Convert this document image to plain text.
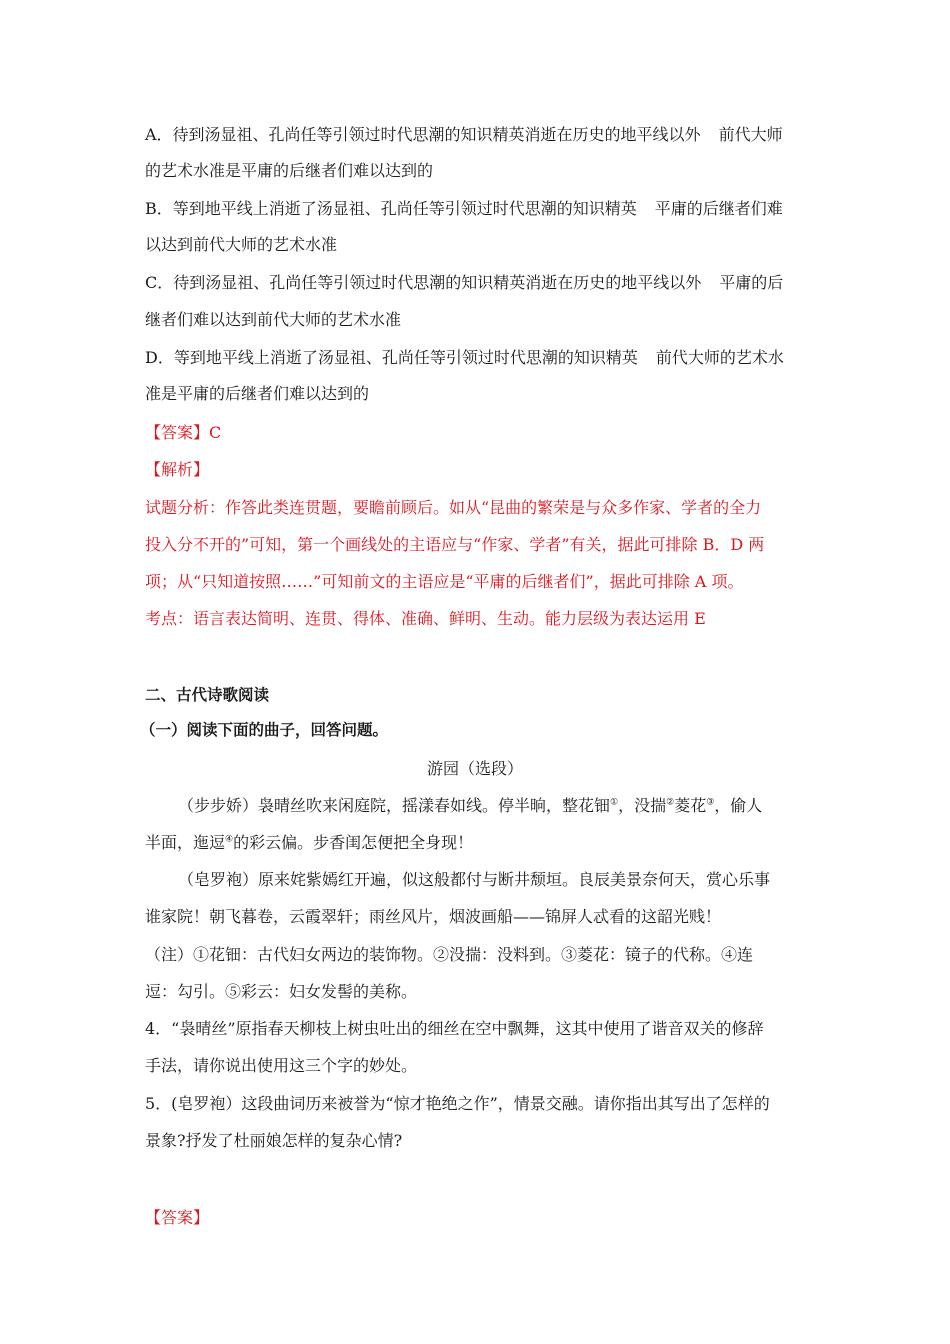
A．待到汤显祖、孔尚任等引领过时代思潮的知识精英消逝在历史的地平线以外 前代大师
的艺术水准是平庸的后继者们难以达到的
B．等到地平线上消逝了汤显祖、孔尚任等引领过时代思潮的知识精英 平庸的后继者们难
以达到前代大师的艺术水准
C．待到汤显祖、孔尚任等引领过时代思潮的知识精英消逝在历史的地平线以外 平庸的后
继者们难以达到前代大师的艺术水准
D．等到地平线上消逝了汤显祖、孔尚任等引领过时代思潮的知识精英 前代大师的艺术水
准是平庸的后继者们难以达到的
【答案】C
【解析】
试题分析：作答此类连贯题，要瞻前顾后。如从“昆曲的繁荣是与众多作家、学者的全力
投入分不开的”可知，第一个画线处的主语应与“作家、学者”有关，据此可排除 B．D 两
项；从“只知道按照……”可知前文的主语应是“平庸的后继者们”，据此可排除 A 项。
考点：语言表达简明、连贯、得体、准确、鲜明、生动。能力层级为表达运用 E
二、古代诗歌阅读
（一）阅读下面的曲子，回答问题。
游园（选段）
（步步娇）袅晴丝吹来闲庭院，摇漾春如线。停半晌，整花钿①，没揣②菱花③，偷人
半面，迤逗④的彩云偏。步香闺怎便把全身现！
（皂罗袍）原来姹紫嫣红开遍，似这般都付与断井颓垣。良辰美景奈何天，赏心乐事
谁家院！朝飞暮卷，云霞翠轩；雨丝风片，烟波画船——锦屏人忒看的这韶光贱！
（注）①花钿：古代妇女两边的装饰物。②没揣：没料到。③菱花：镜子的代称。④连
逗：勾引。⑤彩云：妇女发髻的美称。
4．“袅晴丝”原指春天柳枝上树虫吐出的细丝在空中飘舞，这其中使用了谐音双关的修辞
手法，请你说出使用这三个字的妙处。
5．(皂罗袍）这段曲词历来被誉为“惊才艳绝之作”，情景交融。请你指出其写出了怎样的
景象?抒发了杜丽娘怎样的复杂心情?
【答案】
